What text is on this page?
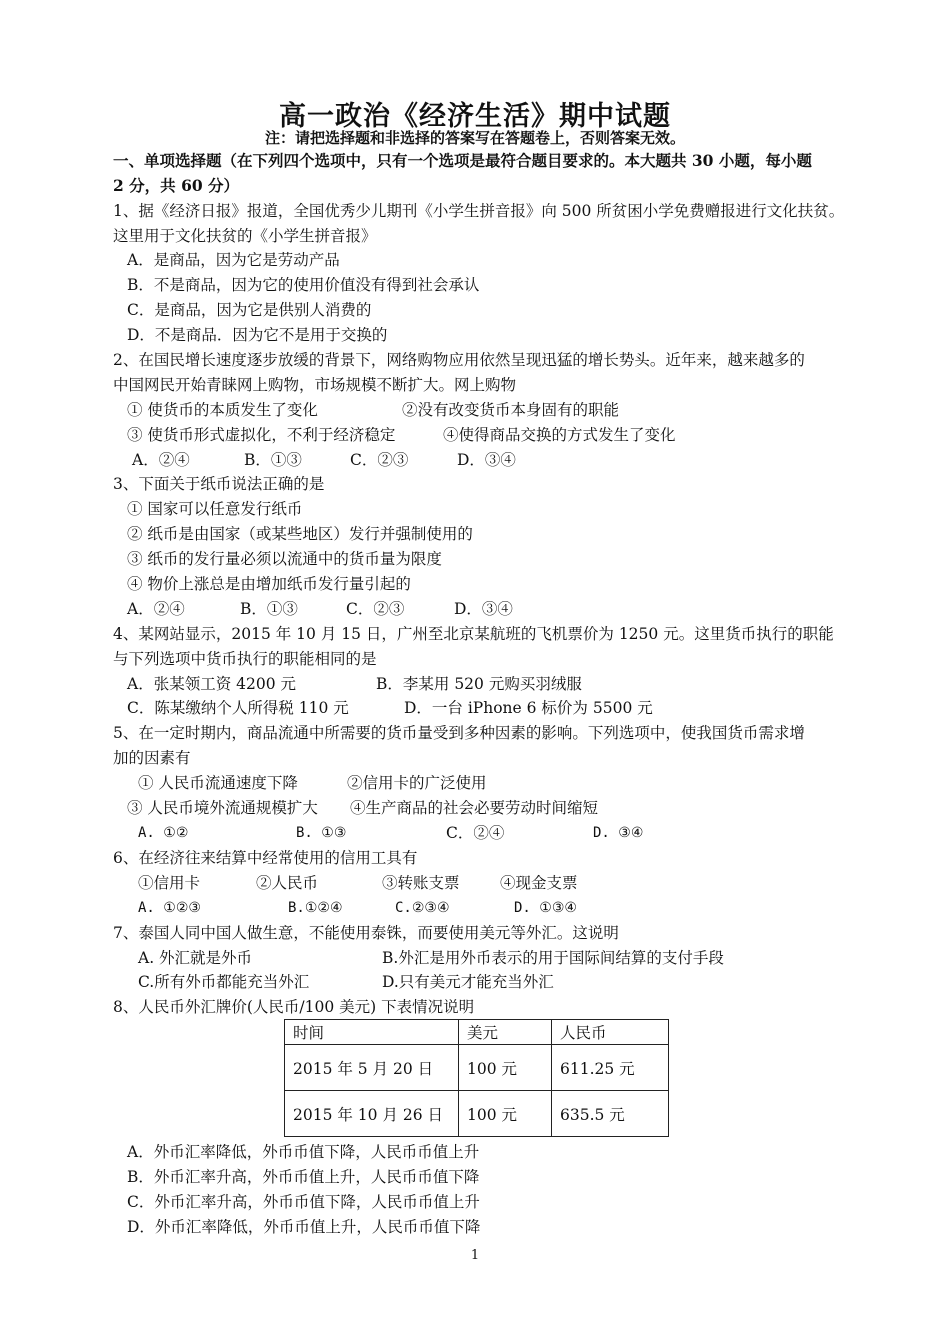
高一政治《经济生活》期中试题
注：请把选择题和非选择的答案写在答题卷上，否则答案无效。
一、单项选择题（在下列四个选项中，只有一个选项是最符合题目要求的。本大题共 30 小题，每小题
2 分，共 60 分）
1、据《经济日报》报道，全国优秀少儿期刊《小学生拼音报》向 500 所贫困小学免费赠报进行文化扶贫。
这里用于文化扶贫的《小学生拼音报》
A．是商品，因为它是劳动产品
B．不是商品，因为它的使用价值没有得到社会承认
C．是商品，因为它是供别人消费的
D．不是商品．因为它不是用于交换的
2、在国民增长速度逐步放缓的背景下，网络购物应用依然呈现迅猛的增长势头。近年来，越来越多的
中国网民开始青睐网上购物，市场规模不断扩大。网上购物
① 使货币的本质发生了变化	②没有改变货币本身固有的职能
③ 使货币形式虚拟化，不利于经济稳定	④使得商品交换的方式发生了变化
A．②④	B．①③	C．②③	D．③④
3、下面关于纸币说法正确的是
① 国家可以任意发行纸币
② 纸币是由国家（或某些地区）发行并强制使用的
③ 纸币的发行量必须以流通中的货币量为限度
④ 物价上涨总是由增加纸币发行量引起的
A．②④	B．①③	C．②③	D．③④
4、某网站显示，2015 年 10 月 15 日，广州至北京某航班的飞机票价为 1250 元。这里货币执行的职能
与下列选项中货币执行的职能相同的是
A．张某领工资 4200 元	B．李某用 520 元购买羽绒服
C．陈某缴纳个人所得税 110 元	D．一台 iPhone 6 标价为 5500 元
5、在一定时期内，商品流通中所需要的货币量受到多种因素的影响。下列选项中，使我国货币需求增
加的因素有
① 人民币流通速度下降	②信用卡的广泛使用
③ 人民币境外流通规模扩大 ④生产商品的社会必要劳动时间缩短
A. ①②	B. ①③	C．②④	D. ③④
6、在经济往来结算中经常使用的信用工具有
①信用卡	②人民币	③转账支票	④现金支票
A. ①②③	B.①②④	C.②③④	D. ①③④
7、泰国人同中国人做生意，不能使用泰铢，而要使用美元等外汇。这说明
A. 外汇就是外币	B.外汇是用外币表示的用于国际间结算的支付手段
C.所有外币都能充当外汇	D.只有美元才能充当外汇
8、人民币外汇牌价(人民币/100 美元) 下表情况说明
时间	美元	人民币
2015 年 5 月 20 日	100 元	611.25 元
2015 年 10 月 26 日	100 元	635.5 元
A．外币汇率降低，外币币值下降，人民币币值上升
B．外币汇率升高，外币币值上升，人民币币值下降
C．外币汇率升高，外币币值下降，人民币币值上升
D．外币汇率降低，外币币值上升，人民币币值下降
1
